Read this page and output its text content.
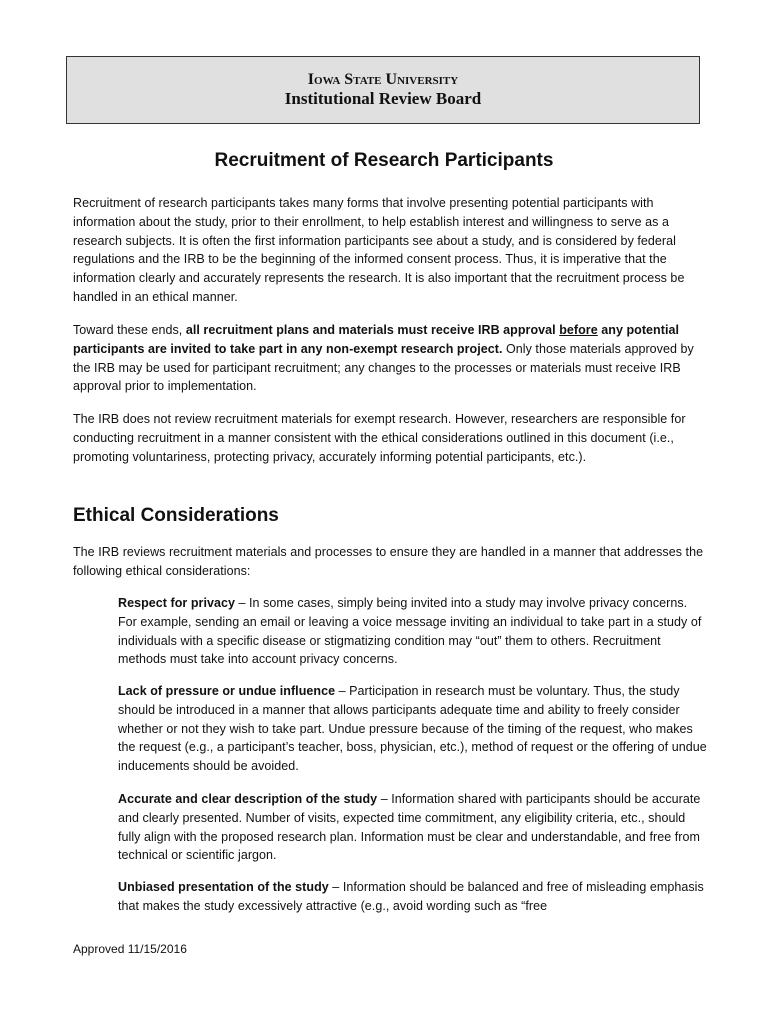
Iowa State University
Institutional Review Board
Recruitment of Research Participants

Recruitment of research participants takes many forms that involve presenting potential participants with information about the study, prior to their enrollment, to help establish interest and willingness to serve as a research subjects. It is often the first information participants see about a study, and is considered by federal regulations and the IRB to be the beginning of the informed consent process. Thus, it is imperative that the information clearly and accurately represents the research. It is also important that the recruitment process be handled in an ethical manner.

Toward these ends, all recruitment plans and materials must receive IRB approval before any potential participants are invited to take part in any non-exempt research project. Only those materials approved by the IRB may be used for participant recruitment; any changes to the processes or materials must receive IRB approval prior to implementation.

The IRB does not review recruitment materials for exempt research. However, researchers are responsible for conducting recruitment in a manner consistent with the ethical considerations outlined in this document (i.e., promoting voluntariness, protecting privacy, accurately informing potential participants, etc.).

Ethical Considerations

The IRB reviews recruitment materials and processes to ensure they are handled in a manner that addresses the following ethical considerations:

Respect for privacy – In some cases, simply being invited into a study may involve privacy concerns. For example, sending an email or leaving a voice message inviting an individual to take part in a study of individuals with a specific disease or stigmatizing condition may “out” them to others. Recruitment methods must take into account privacy concerns.

Lack of pressure or undue influence – Participation in research must be voluntary. Thus, the study should be introduced in a manner that allows participants adequate time and ability to freely consider whether or not they wish to take part. Undue pressure because of the timing of the request, who makes the request (e.g., a participant’s teacher, boss, physician, etc.), method of request or the offering of undue inducements should be avoided.

Accurate and clear description of the study – Information shared with participants should be accurate and clearly presented. Number of visits, expected time commitment, any eligibility criteria, etc., should fully align with the proposed research plan. Information must be clear and understandable, and free from technical or scientific jargon.

Unbiased presentation of the study – Information should be balanced and free of misleading emphasis that makes the study excessively attractive (e.g., avoid wording such as “free

Approved 11/15/2016
